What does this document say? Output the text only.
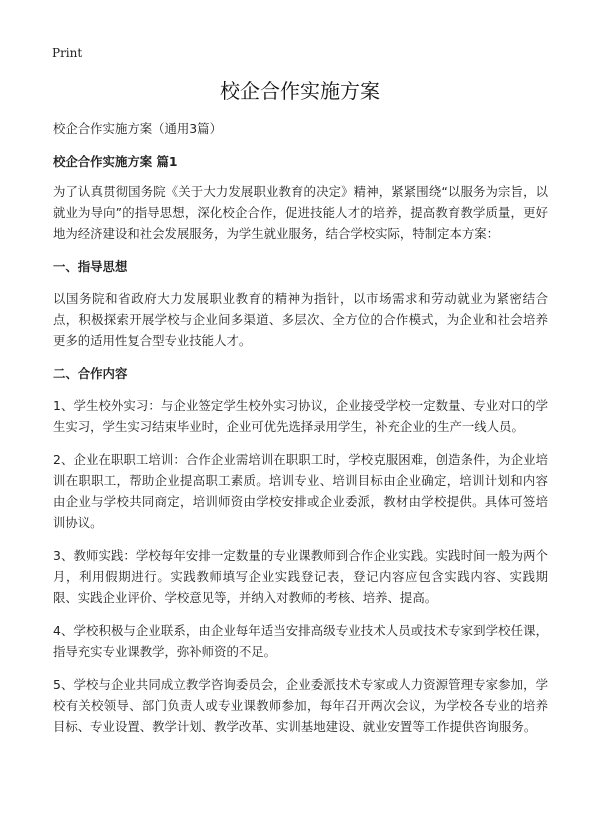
Print
校企合作实施方案

校企合作实施方案（通用3篇）

校企合作实施方案 篇1

为了认真贯彻国务院《关于大力发展职业教育的决定》精神，紧紧围绕“以服务为宗旨，以就业为导向”的指导思想，深化校企合作，促进技能人才的培养，提高教育教学质量，更好地为经济建设和社会发展服务，为学生就业服务，结合学校实际，特制定本方案：

一、指导思想

以国务院和省政府大力发展职业教育的精神为指针，以市场需求和劳动就业为紧密结合点，积极探索开展学校与企业间多渠道、多层次、全方位的合作模式，为企业和社会培养更多的适用性复合型专业技能人才。

二、合作内容

1、学生校外实习：与企业签定学生校外实习协议，企业接受学校一定数量、专业对口的学生实习，学生实习结束毕业时，企业可优先选择录用学生，补充企业的生产一线人员。

2、企业在职职工培训：合作企业需培训在职职工时，学校克服困难，创造条件，为企业培训在职职工，帮助企业提高职工素质。培训专业、培训目标由企业确定，培训计划和内容由企业与学校共同商定，培训师资由学校安排或企业委派，教材由学校提供。具体可签培训协议。

3、教师实践：学校每年安排一定数量的专业课教师到合作企业实践。实践时间一般为两个月，利用假期进行。实践教师填写企业实践登记表，登记内容应包含实践内容、实践期限、实践企业评价、学校意见等，并纳入对教师的考核、培养、提高。

4、学校积极与企业联系，由企业每年适当安排高级专业技术人员或技术专家到学校任课，指导充实专业课教学，弥补师资的不足。

5、学校与企业共同成立教学咨询委员会，企业委派技术专家或人力资源管理专家参加，学校有关校领导、部门负责人或专业课教师参加，每年召开两次会议，为学校各专业的培养目标、专业设置、教学计划、教学改革、实训基地建设、就业安置等工作提供咨询服务。
